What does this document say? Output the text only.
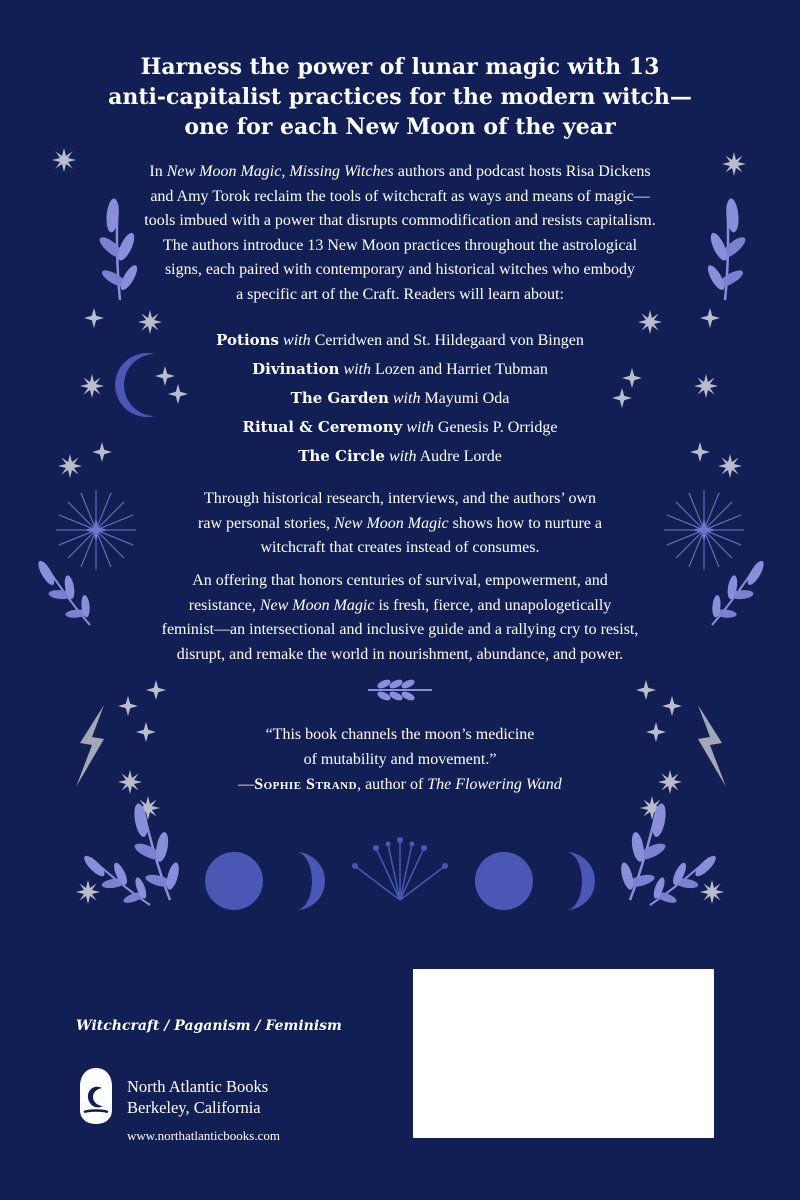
Harness the power of lunar magic with 13
anti-capitalist practices for the modern witch—
one for each New Moon of the year
In New Moon Magic, Missing Witches authors and podcast hosts Risa Dickens
and Amy Torok reclaim the tools of witchcraft as ways and means of magic—
tools imbued with a power that disrupts commodification and resists capitalism.
The authors introduce 13 New Moon practices throughout the astrological
signs, each paired with contemporary and historical witches who embody
a specific art of the Craft. Readers will learn about:
Potions with Cerridwen and St. Hildegaard von Bingen
Divination with Lozen and Harriet Tubman
The Garden with Mayumi Oda
Ritual & Ceremony with Genesis P. Orridge
The Circle with Audre Lorde
Through historical research, interviews, and the authors’ own
raw personal stories, New Moon Magic shows how to nurture a
witchcraft that creates instead of consumes.
An offering that honors centuries of survival, empowerment, and
resistance, New Moon Magic is fresh, fierce, and unapologetically
feminist—an intersectional and inclusive guide and a rallying cry to resist,
disrupt, and remake the world in nourishment, abundance, and power.
“This book channels the moon’s medicine
of mutability and movement.”
—Sophie Strand, author of The Flowering Wand
Witchcraft / Paganism / Feminism
North Atlantic Books
Berkeley, California
www.northatlanticbooks.com
